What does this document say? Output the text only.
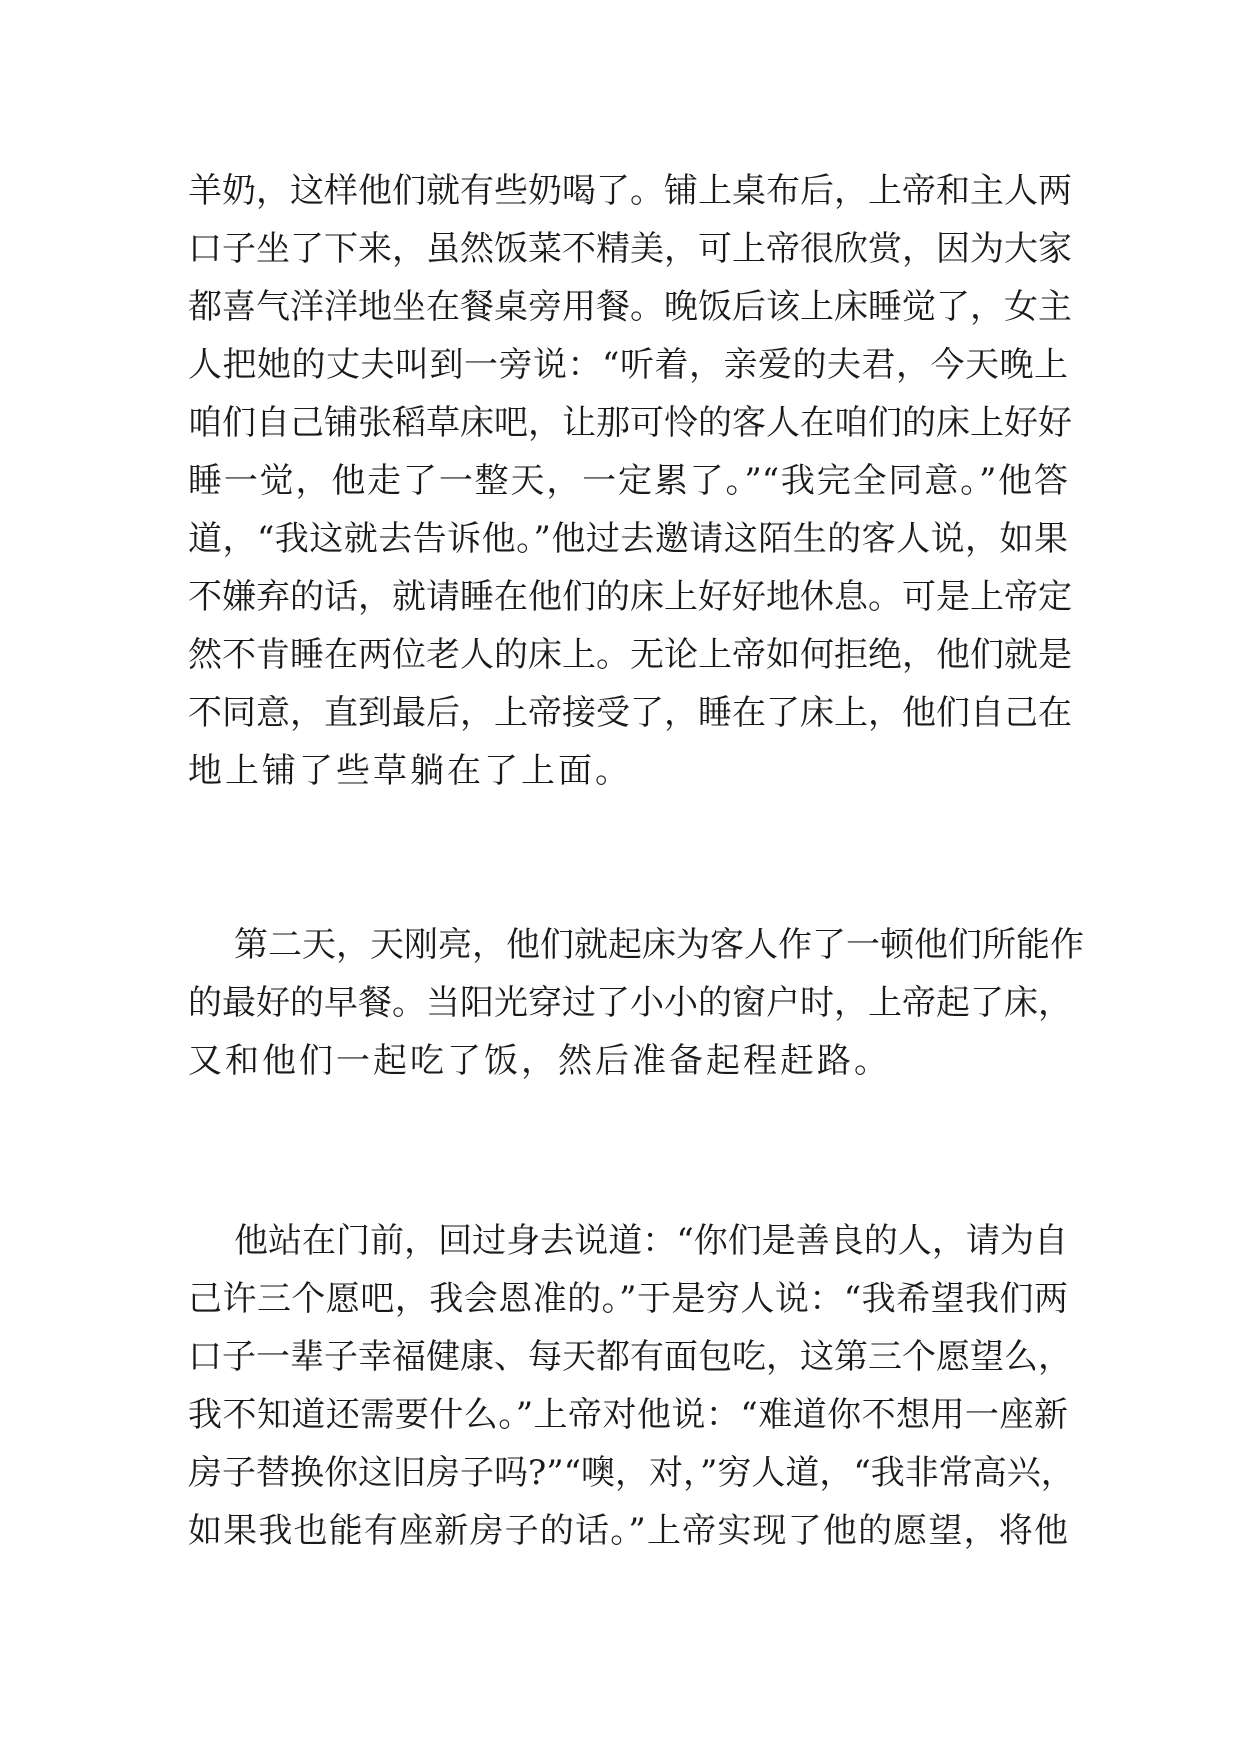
羊奶，这样他们就有些奶喝了。铺上桌布后，上帝和主人两
口子坐了下来，虽然饭菜不精美，可上帝很欣赏，因为大家
都喜气洋洋地坐在餐桌旁用餐。晚饭后该上床睡觉了，女主
人把她的丈夫叫到一旁说：“听着，亲爱的夫君，今天晚上
咱们自己铺张稻草床吧，让那可怜的客人在咱们的床上好好
睡一觉，他走了一整天，一定累了。”“我完全同意。”他答
道，“我这就去告诉他。”他过去邀请这陌生的客人说，如果
不嫌弃的话，就请睡在他们的床上好好地休息。可是上帝定
然不肯睡在两位老人的床上。无论上帝如何拒绝，他们就是
不同意，直到最后，上帝接受了，睡在了床上，他们自己在
地上铺了些草躺在了上面。
第二天，天刚亮，他们就起床为客人作了一顿他们所能作
的最好的早餐。当阳光穿过了小小的窗户时，上帝起了床，
又和他们一起吃了饭，然后准备起程赶路。
他站在门前，回过身去说道：“你们是善良的人，请为自
己许三个愿吧，我会恩准的。”于是穷人说：“我希望我们两
口子一辈子幸福健康、每天都有面包吃，这第三个愿望么，
我不知道还需要什么。”上帝对他说：“难道你不想用一座新
房子替换你这旧房子吗?”“噢，对，”穷人道，“我非常高兴，
如果我也能有座新房子的话。”上帝实现了他的愿望，将他
